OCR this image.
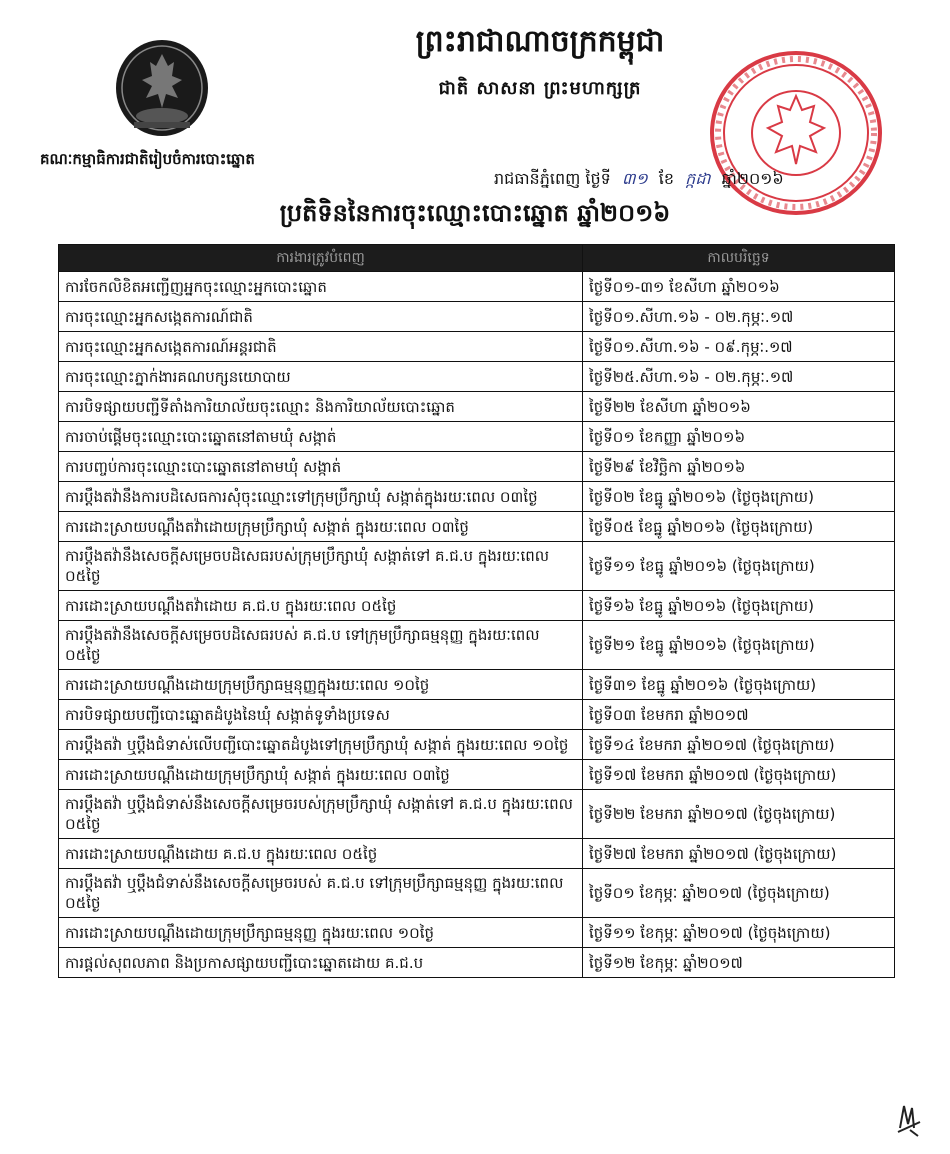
គណៈកម្មាធិការជាតិរៀបចំការបោះឆ្នោត
ព្រះរាជាណាចក្រកម្ពុជា
ជាតិ សាសនា ព្រះមហាក្សត្រ
រាជធានីភ្នំពេញ ថ្ងៃទី ៣១ ខែ ក្កដា ឆ្នាំ២០១៦
ប្រតិទិននៃការចុះឈ្មោះបោះឆ្នោត ឆ្នាំ២០១៦
ការងារត្រូវបំពេញ	កាលបរិច្ឆេទ
ការចែកលិខិតអញ្ជើញអ្នកចុះឈ្មោះអ្នកបោះឆ្នោត	ថ្ងៃទី០១-៣១ ខែសីហា ឆ្នាំ២០១៦
ការចុះឈ្មោះអ្នកសង្កេតការណ៍ជាតិ	ថ្ងៃទី០១.សីហា.១៦ - ០២.កុម្ភៈ.១៧
ការចុះឈ្មោះអ្នកសង្កេតការណ៍អន្តរជាតិ	ថ្ងៃទី០១.សីហា.១៦ - ០៩.កុម្ភៈ.១៧
ការចុះឈ្មោះភ្នាក់ងារគណបក្សនយោបាយ	ថ្ងៃទី២៥.សីហា.១៦ - ០២.កុម្ភៈ.១៧
ការបិទផ្សាយបញ្ជីទីតាំងការិយាល័យចុះឈ្មោះ និងការិយាល័យបោះឆ្នោត	ថ្ងៃទី២២ ខែសីហា ឆ្នាំ២០១៦
ការចាប់ផ្តើមចុះឈ្មោះបោះឆ្នោតនៅតាមឃុំ សង្កាត់	ថ្ងៃទី០១ ខែកញ្ញា ឆ្នាំ២០១៦
ការបញ្ចប់ការចុះឈ្មោះបោះឆ្នោតនៅតាមឃុំ សង្កាត់	ថ្ងៃទី២៩ ខែវិច្ឆិកា ឆ្នាំ២០១៦
ការប្តឹងតវ៉ានឹងការបដិសេធការសុំចុះឈ្មោះទៅក្រុមប្រឹក្សាឃុំ សង្កាត់ក្នុងរយៈពេល ០៣ថ្ងៃ	ថ្ងៃទី០២ ខែធ្នូ ឆ្នាំ២០១៦ (ថ្ងៃចុងក្រោយ)
ការដោះស្រាយបណ្តឹងតវ៉ាដោយក្រុមប្រឹក្សាឃុំ សង្កាត់ ក្នុងរយៈពេល ០៣ថ្ងៃ	ថ្ងៃទី០៥ ខែធ្នូ ឆ្នាំ២០១៦ (ថ្ងៃចុងក្រោយ)
ការប្តឹងតវ៉ានឹងសេចក្តីសម្រេចបដិសេធរបស់ក្រុមប្រឹក្សាឃុំ សង្កាត់ទៅ គ.ជ.ប ក្នុងរយៈពេល ០៥ថ្ងៃ	ថ្ងៃទី១១ ខែធ្នូ ឆ្នាំ២០១៦ (ថ្ងៃចុងក្រោយ)
ការដោះស្រាយបណ្តឹងតវ៉ាដោយ គ.ជ.ប ក្នុងរយៈពេល ០៥ថ្ងៃ	ថ្ងៃទី១៦ ខែធ្នូ ឆ្នាំ២០១៦ (ថ្ងៃចុងក្រោយ)
ការប្តឹងតវ៉ានឹងសេចក្តីសម្រេចបដិសេធរបស់ គ.ជ.ប ទៅក្រុមប្រឹក្សាធម្មនុញ្ញ ក្នុងរយៈពេល ០៥ថ្ងៃ	ថ្ងៃទី២១ ខែធ្នូ ឆ្នាំ២០១៦ (ថ្ងៃចុងក្រោយ)
ការដោះស្រាយបណ្តឹងដោយក្រុមប្រឹក្សាធម្មនុញ្ញក្នុងរយៈពេល ១០ថ្ងៃ	ថ្ងៃទី៣១ ខែធ្នូ ឆ្នាំ២០១៦ (ថ្ងៃចុងក្រោយ)
ការបិទផ្សាយបញ្ជីបោះឆ្នោតដំបូងនៃឃុំ សង្កាត់ទូទាំងប្រទេស	ថ្ងៃទី០៣ ខែមករា ឆ្នាំ២០១៧
ការប្តឹងតវ៉ា ឬប្តឹងជំទាស់លើបញ្ជីបោះឆ្នោតដំបូងទៅក្រុមប្រឹក្សាឃុំ សង្កាត់ ក្នុងរយៈពេល ១០ថ្ងៃ	ថ្ងៃទី១៤ ខែមករា ឆ្នាំ២០១៧ (ថ្ងៃចុងក្រោយ)
ការដោះស្រាយបណ្តឹងដោយក្រុមប្រឹក្សាឃុំ សង្កាត់ ក្នុងរយៈពេល ០៣ថ្ងៃ	ថ្ងៃទី១៧ ខែមករា ឆ្នាំ២០១៧ (ថ្ងៃចុងក្រោយ)
ការប្តឹងតវ៉ា ឬប្តឹងជំទាស់នឹងសេចក្តីសម្រេចរបស់ក្រុមប្រឹក្សាឃុំ សង្កាត់ទៅ គ.ជ.ប ក្នុងរយៈពេល ០៥ថ្ងៃ	ថ្ងៃទី២២ ខែមករា ឆ្នាំ២០១៧ (ថ្ងៃចុងក្រោយ)
ការដោះស្រាយបណ្តឹងដោយ គ.ជ.ប ក្នុងរយៈពេល ០៥ថ្ងៃ	ថ្ងៃទី២៧ ខែមករា ឆ្នាំ២០១៧ (ថ្ងៃចុងក្រោយ)
ការប្តឹងតវ៉ា ឬប្តឹងជំទាស់នឹងសេចក្តីសម្រេចរបស់ គ.ជ.ប ទៅក្រុមប្រឹក្សាធម្មនុញ្ញ ក្នុងរយៈពេល ០៥ថ្ងៃ	ថ្ងៃទី០១ ខែកុម្ភៈ ឆ្នាំ២០១៧ (ថ្ងៃចុងក្រោយ)
ការដោះស្រាយបណ្តឹងដោយក្រុមប្រឹក្សាធម្មនុញ្ញ ក្នុងរយៈពេល ១០ថ្ងៃ	ថ្ងៃទី១១ ខែកុម្ភៈ ឆ្នាំ២០១៧ (ថ្ងៃចុងក្រោយ)
ការផ្តល់សុពលភាព និងប្រកាសផ្សាយបញ្ជីបោះឆ្នោតដោយ គ.ជ.ប	ថ្ងៃទី១២ ខែកុម្ភៈ ឆ្នាំ២០១៧
